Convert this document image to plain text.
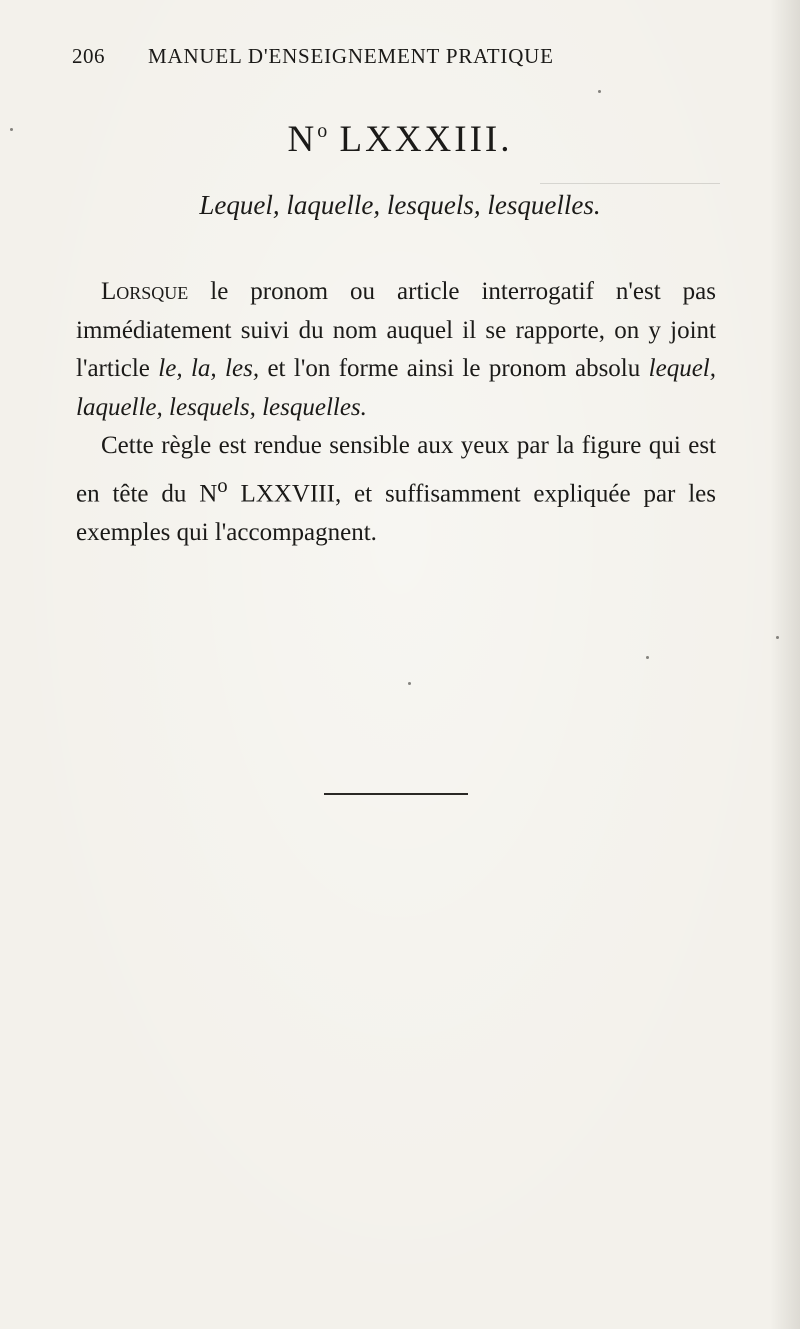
206 MANUEL D'ENSEIGNEMENT PRATIQUE
$N^o$ LXXXIII.
Lequel, laquelle, lesquels, lesquelles.

Lorsque le pronom ou article interrogatif n'est pas immédiatement suivi du nom auquel il se rapporte, on y joint l'article le, la, les, et l'on forme ainsi le pronom absolu lequel, laquelle, lesquels, lesquelles.

Cette règle est rendue sensible aux yeux par la figure qui est en tête du $N^o$ LXXVIII, et suffisamment expliquée par les exemples qui l'accompagnent.
